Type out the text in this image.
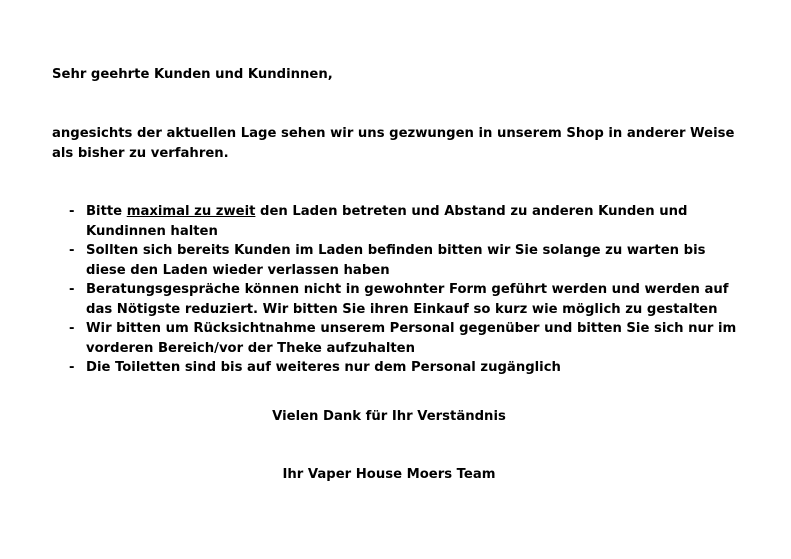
Sehr geehrte Kunden und Kundinnen,

angesichts der aktuellen Lage sehen wir uns gezwungen in unserem Shop in anderer Weise als bisher zu verfahren.

- Bitte maximal zu zweit den Laden betreten und Abstand zu anderen Kunden und Kundinnen halten
- Sollten sich bereits Kunden im Laden befinden bitten wir Sie solange zu warten bis diese den Laden wieder verlassen haben
- Beratungsgespräche können nicht in gewohnter Form geführt werden und werden auf das Nötigste reduziert. Wir bitten Sie ihren Einkauf so kurz wie möglich zu gestalten
- Wir bitten um Rücksichtnahme unserem Personal gegenüber und bitten Sie sich nur im vorderen Bereich/vor der Theke aufzuhalten
- Die Toiletten sind bis auf weiteres nur dem Personal zugänglich

Vielen Dank für Ihr Verständnis

Ihr Vaper House Moers Team
